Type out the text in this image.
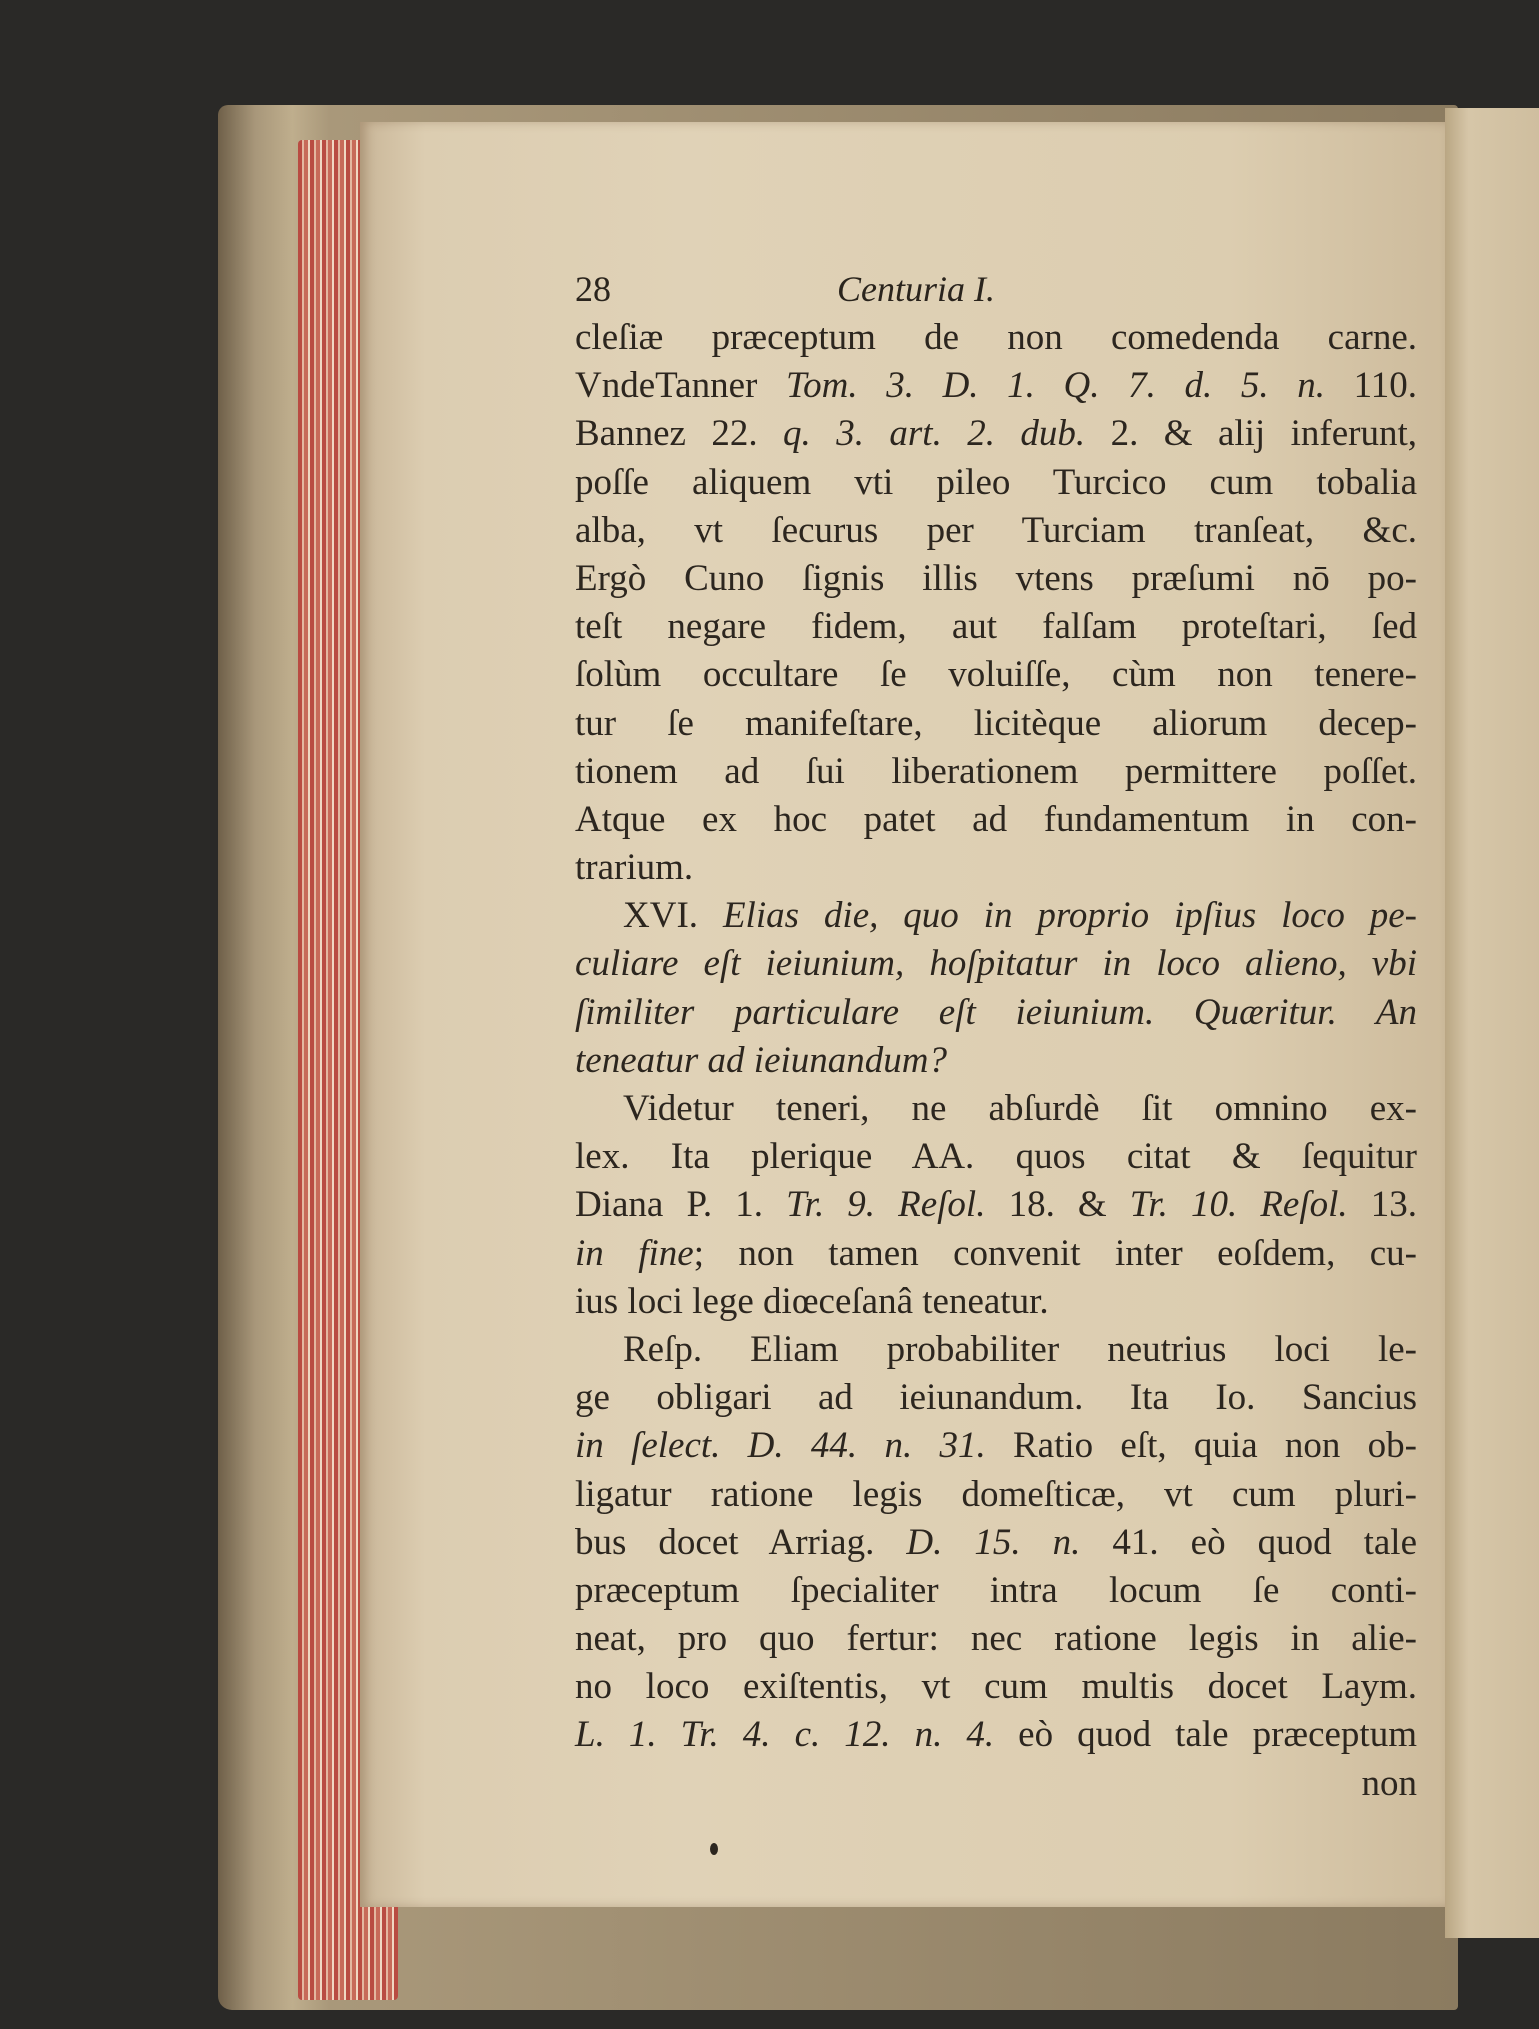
28	Centuria I.
cleſiæ præceptum de non comedenda carne.
VndeTanner Tom. 3. D. 1. Q. 7. d. 5. n. 110.
Bannez 22. q. 3. art. 2. dub. 2. & alij inferunt,
poſſe aliquem vti pileo Turcico cum tobalia
alba, vt ſecurus per Turciam tranſeat, &c.
Ergò Cuno ſignis illis vtens præſumi nō po-
teſt negare fidem, aut falſam proteſtari, ſed
ſolùm occultare ſe voluiſſe, cùm non tenere-
tur ſe manifeſtare, licitèque aliorum decep-
tionem ad ſui liberationem permittere poſſet.
Atque ex hoc patet ad fundamentum in con-
trarium.
XVI. Elias die, quo in proprio ipſius loco pe-
culiare eſt ieiunium, hoſpitatur in loco alieno, vbi
ſimiliter particulare eſt ieiunium. Quæritur. An
teneatur ad ieiunandum?
Videtur teneri, ne abſurdè ſit omnino ex-
lex. Ita plerique AA. quos citat & ſequitur
Diana P. 1. Tr. 9. Reſol. 18. & Tr. 10. Reſol. 13.
in fine; non tamen convenit inter eoſdem, cu-
ius loci lege diœceſanâ teneatur.
Reſp. Eliam probabiliter neutrius loci le-
ge obligari ad ieiunandum. Ita Io. Sancius
in ſelect. D. 44. n. 31. Ratio eſt, quia non ob-
ligatur ratione legis domeſticæ, vt cum pluri-
bus docet Arriag. D. 15. n. 41. eò quod tale
præceptum ſpecialiter intra locum ſe conti-
neat, pro quo fertur: nec ratione legis in alie-
no loco exiſtentis, vt cum multis docet Laym.
L. 1. Tr. 4. c. 12. n. 4. eò quod tale præceptum
non
